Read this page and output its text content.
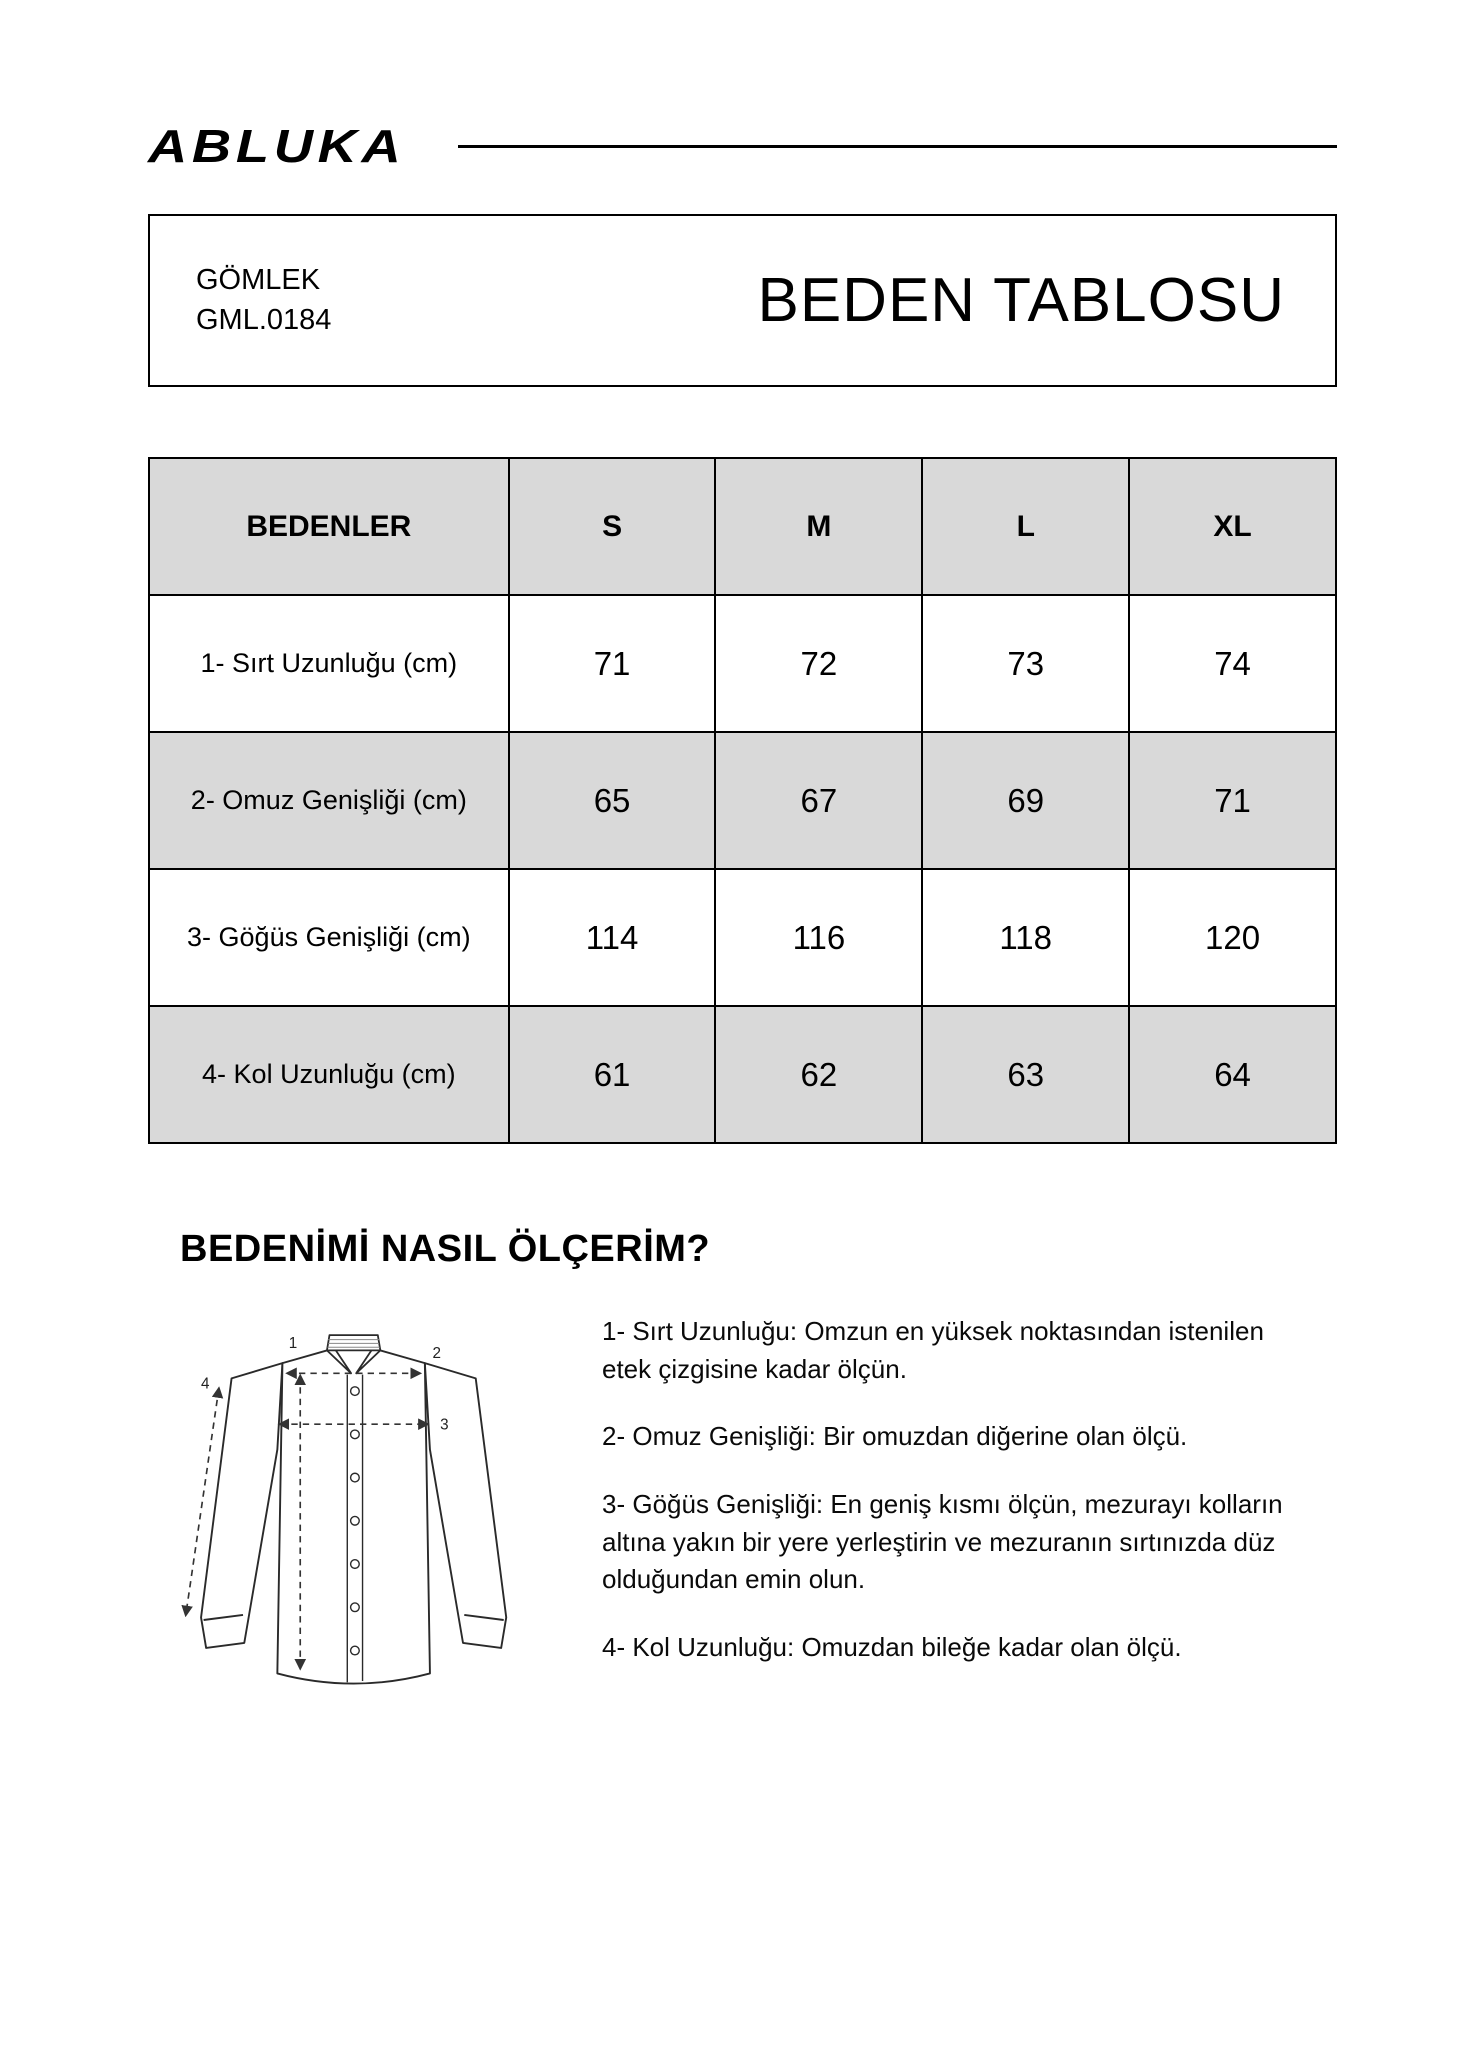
ABLUKA
GÖMLEK
GML.0184	BEDEN TABLOSU
BEDENLER	S	M	L	XL
1- Sırt Uzunluğu (cm)	71	72	73	74
2- Omuz Genişliği (cm)	65	67	69	71
3- Göğüs Genişliği (cm)	114	116	118	120
4- Kol Uzunluğu (cm)	61	62	63	64
BEDENİMİ NASIL ÖLÇERİM?
1
2
3
4

1- Sırt Uzunluğu: Omzun en yüksek noktasından istenilen etek çizgisine kadar ölçün.

2- Omuz Genişliği: Bir omuzdan diğerine olan ölçü.

3- Göğüs Genişliği: En geniş kısmı ölçün, mezurayı kolların altına yakın bir yere yerleştirin ve mezuranın sırtınızda düz olduğundan emin olun.

4- Kol Uzunluğu: Omuzdan bileğe kadar olan ölçü.
